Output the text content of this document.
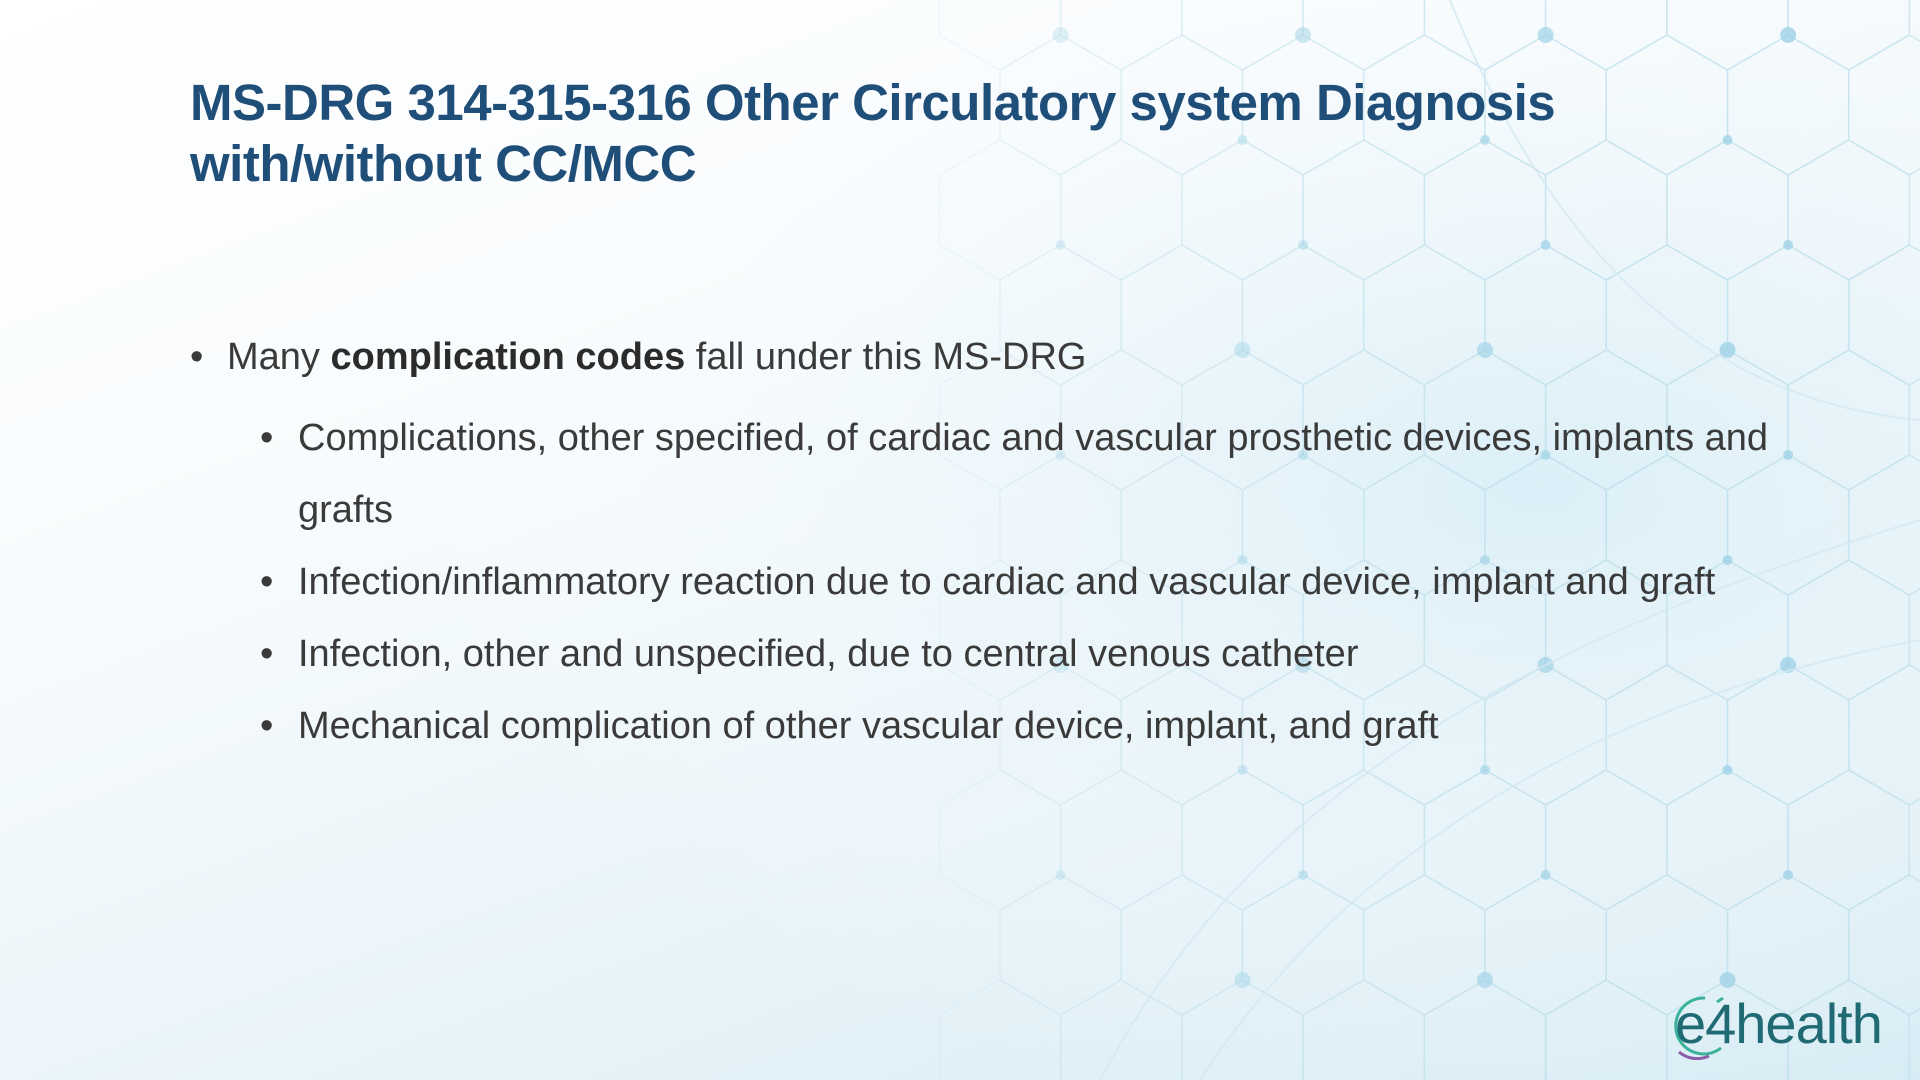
MS-DRG 314-315-316 Other Circulatory system Diagnosis with/without CC/MCC
• Many complication codes fall under this MS-DRG
• Complications, other specified, of cardiac and vascular prosthetic devices, implants and grafts
• Infection/inflammatory reaction due to cardiac and vascular device, implant and graft
• Infection, other and unspecified, due to central venous catheter
• Mechanical complication of other vascular device, implant, and graft
e4health
